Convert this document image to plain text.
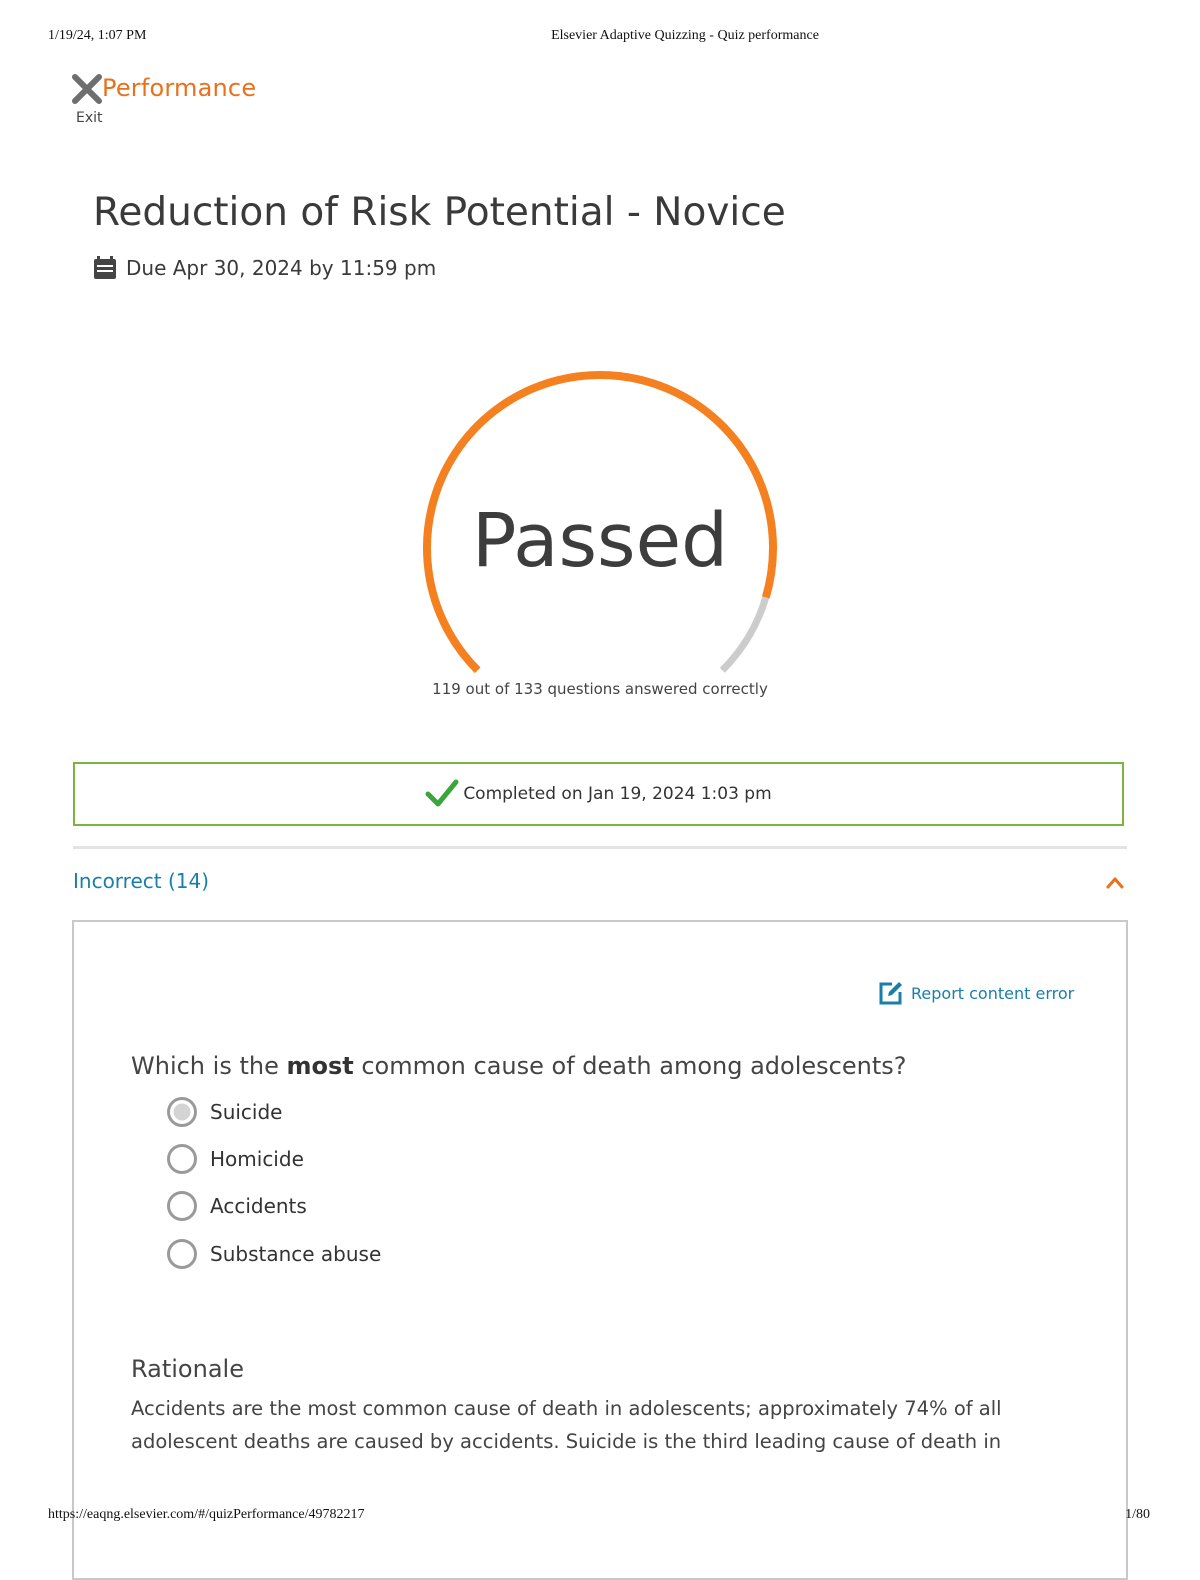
1/19/24, 1:07 PM	Elsevier Adaptive Quizzing - Quiz performance
Performance
Exit
Reduction of Risk Potential - Novice
Due Apr 30, 2024 by 11:59 pm
Passed
119 out of 133 questions answered correctly
Completed on Jan 19, 2024 1:03 pm
Incorrect (14)
Report content error
Which is the most common cause of death among adolescents?
Suicide
Homicide
Accidents
Substance abuse
Rationale

Accidents are the most common cause of death in adolescents; approximately 74% of all
adolescent deaths are caused by accidents. Suicide is the third leading cause of death in

https://eaqng.elsevier.com/#/quizPerformance/49782217	1/80
